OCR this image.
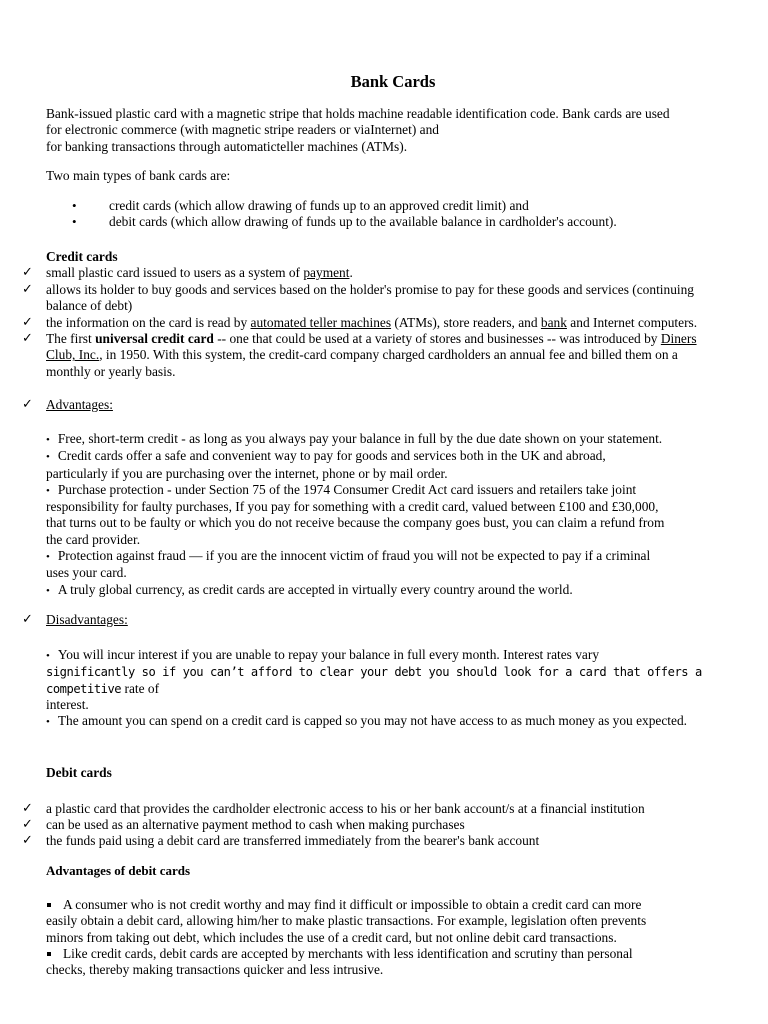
Bank Cards
Bank-issued plastic card with a magnetic stripe that holds machine readable identification code. Bank cards are used
for electronic commerce (with magnetic stripe readers or viaInternet) and
for banking transactions through automaticteller machines (ATMs).
Two main types of bank cards are:
• credit cards (which allow drawing of funds up to an approved credit limit) and
• debit cards (which allow drawing of funds up to the available balance in cardholder's account).
Credit cards
✓ small plastic card issued to users as a system of payment.
✓ allows its holder to buy goods and services based on the holder's promise to pay for these goods and services (continuing
balance of debt)
✓ the information on the card is read by automated teller machines (ATMs), store readers, and bank and Internet computers.
✓ The first universal credit card -- one that could be used at a variety of stores and businesses -- was introduced by Diners
Club, Inc., in 1950. With this system, the credit-card company charged cardholders an annual fee and billed them on a
monthly or yearly basis.
✓ Advantages:
• Free, short-term credit - as long as you always pay your balance in full by the due date shown on your statement.
• Credit cards offer a safe and convenient way to pay for goods and services both in the UK and abroad,
particularly if you are purchasing over the internet, phone or by mail order.
• Purchase protection - under Section 75 of the 1974 Consumer Credit Act card issuers and retailers take joint
responsibility for faulty purchases, If you pay for something with a credit card, valued between £100 and £30,000,
that turns out to be faulty or which you do not receive because the company goes bust, you can claim a refund from
the card provider.
• Protection against fraud — if you are the innocent victim of fraud you will not be expected to pay if a criminal
uses your card.
• A truly global currency, as credit cards are accepted in virtually every country around the world.
✓ Disadvantages:
• You will incur interest if you are unable to repay your balance in full every month. Interest rates vary
significantly so if you can’t afford to clear your debt you should look for a card that offers a competitive rate of
interest.
• The amount you can spend on a credit card is capped so you may not have access to as much money as you expected.
Debit cards
✓ a plastic card that provides the cardholder electronic access to his or her bank account/s at a financial institution
✓ can be used as an alternative payment method to cash when making purchases
✓ the funds paid using a debit card are transferred immediately from the bearer's bank account
Advantages of debit cards
A consumer who is not credit worthy and may find it difficult or impossible to obtain a credit card can more
easily obtain a debit card, allowing him/her to make plastic transactions. For example, legislation often prevents
minors from taking out debt, which includes the use of a credit card, but not online debit card transactions.
Like credit cards, debit cards are accepted by merchants with less identification and scrutiny than personal
checks, thereby making transactions quicker and less intrusive.
